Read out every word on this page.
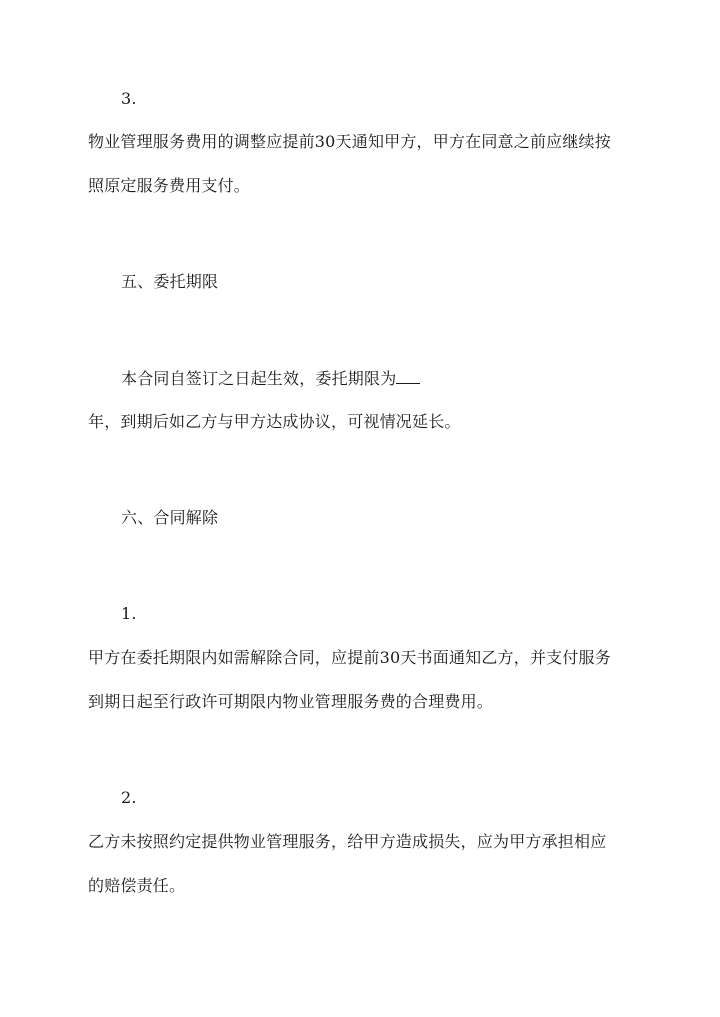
3.
物业管理服务费用的调整应提前30天通知甲方，甲方在同意之前应继续按
照原定服务费用支付。
五、委托期限
本合同自签订之日起生效，委托期限为
年，到期后如乙方与甲方达成协议，可视情况延长。
六、合同解除
1.
甲方在委托期限内如需解除合同，应提前30天书面通知乙方，并支付服务
到期日起至行政许可期限内物业管理服务费的合理费用。
2.
乙方未按照约定提供物业管理服务，给甲方造成损失，应为甲方承担相应
的赔偿责任。
